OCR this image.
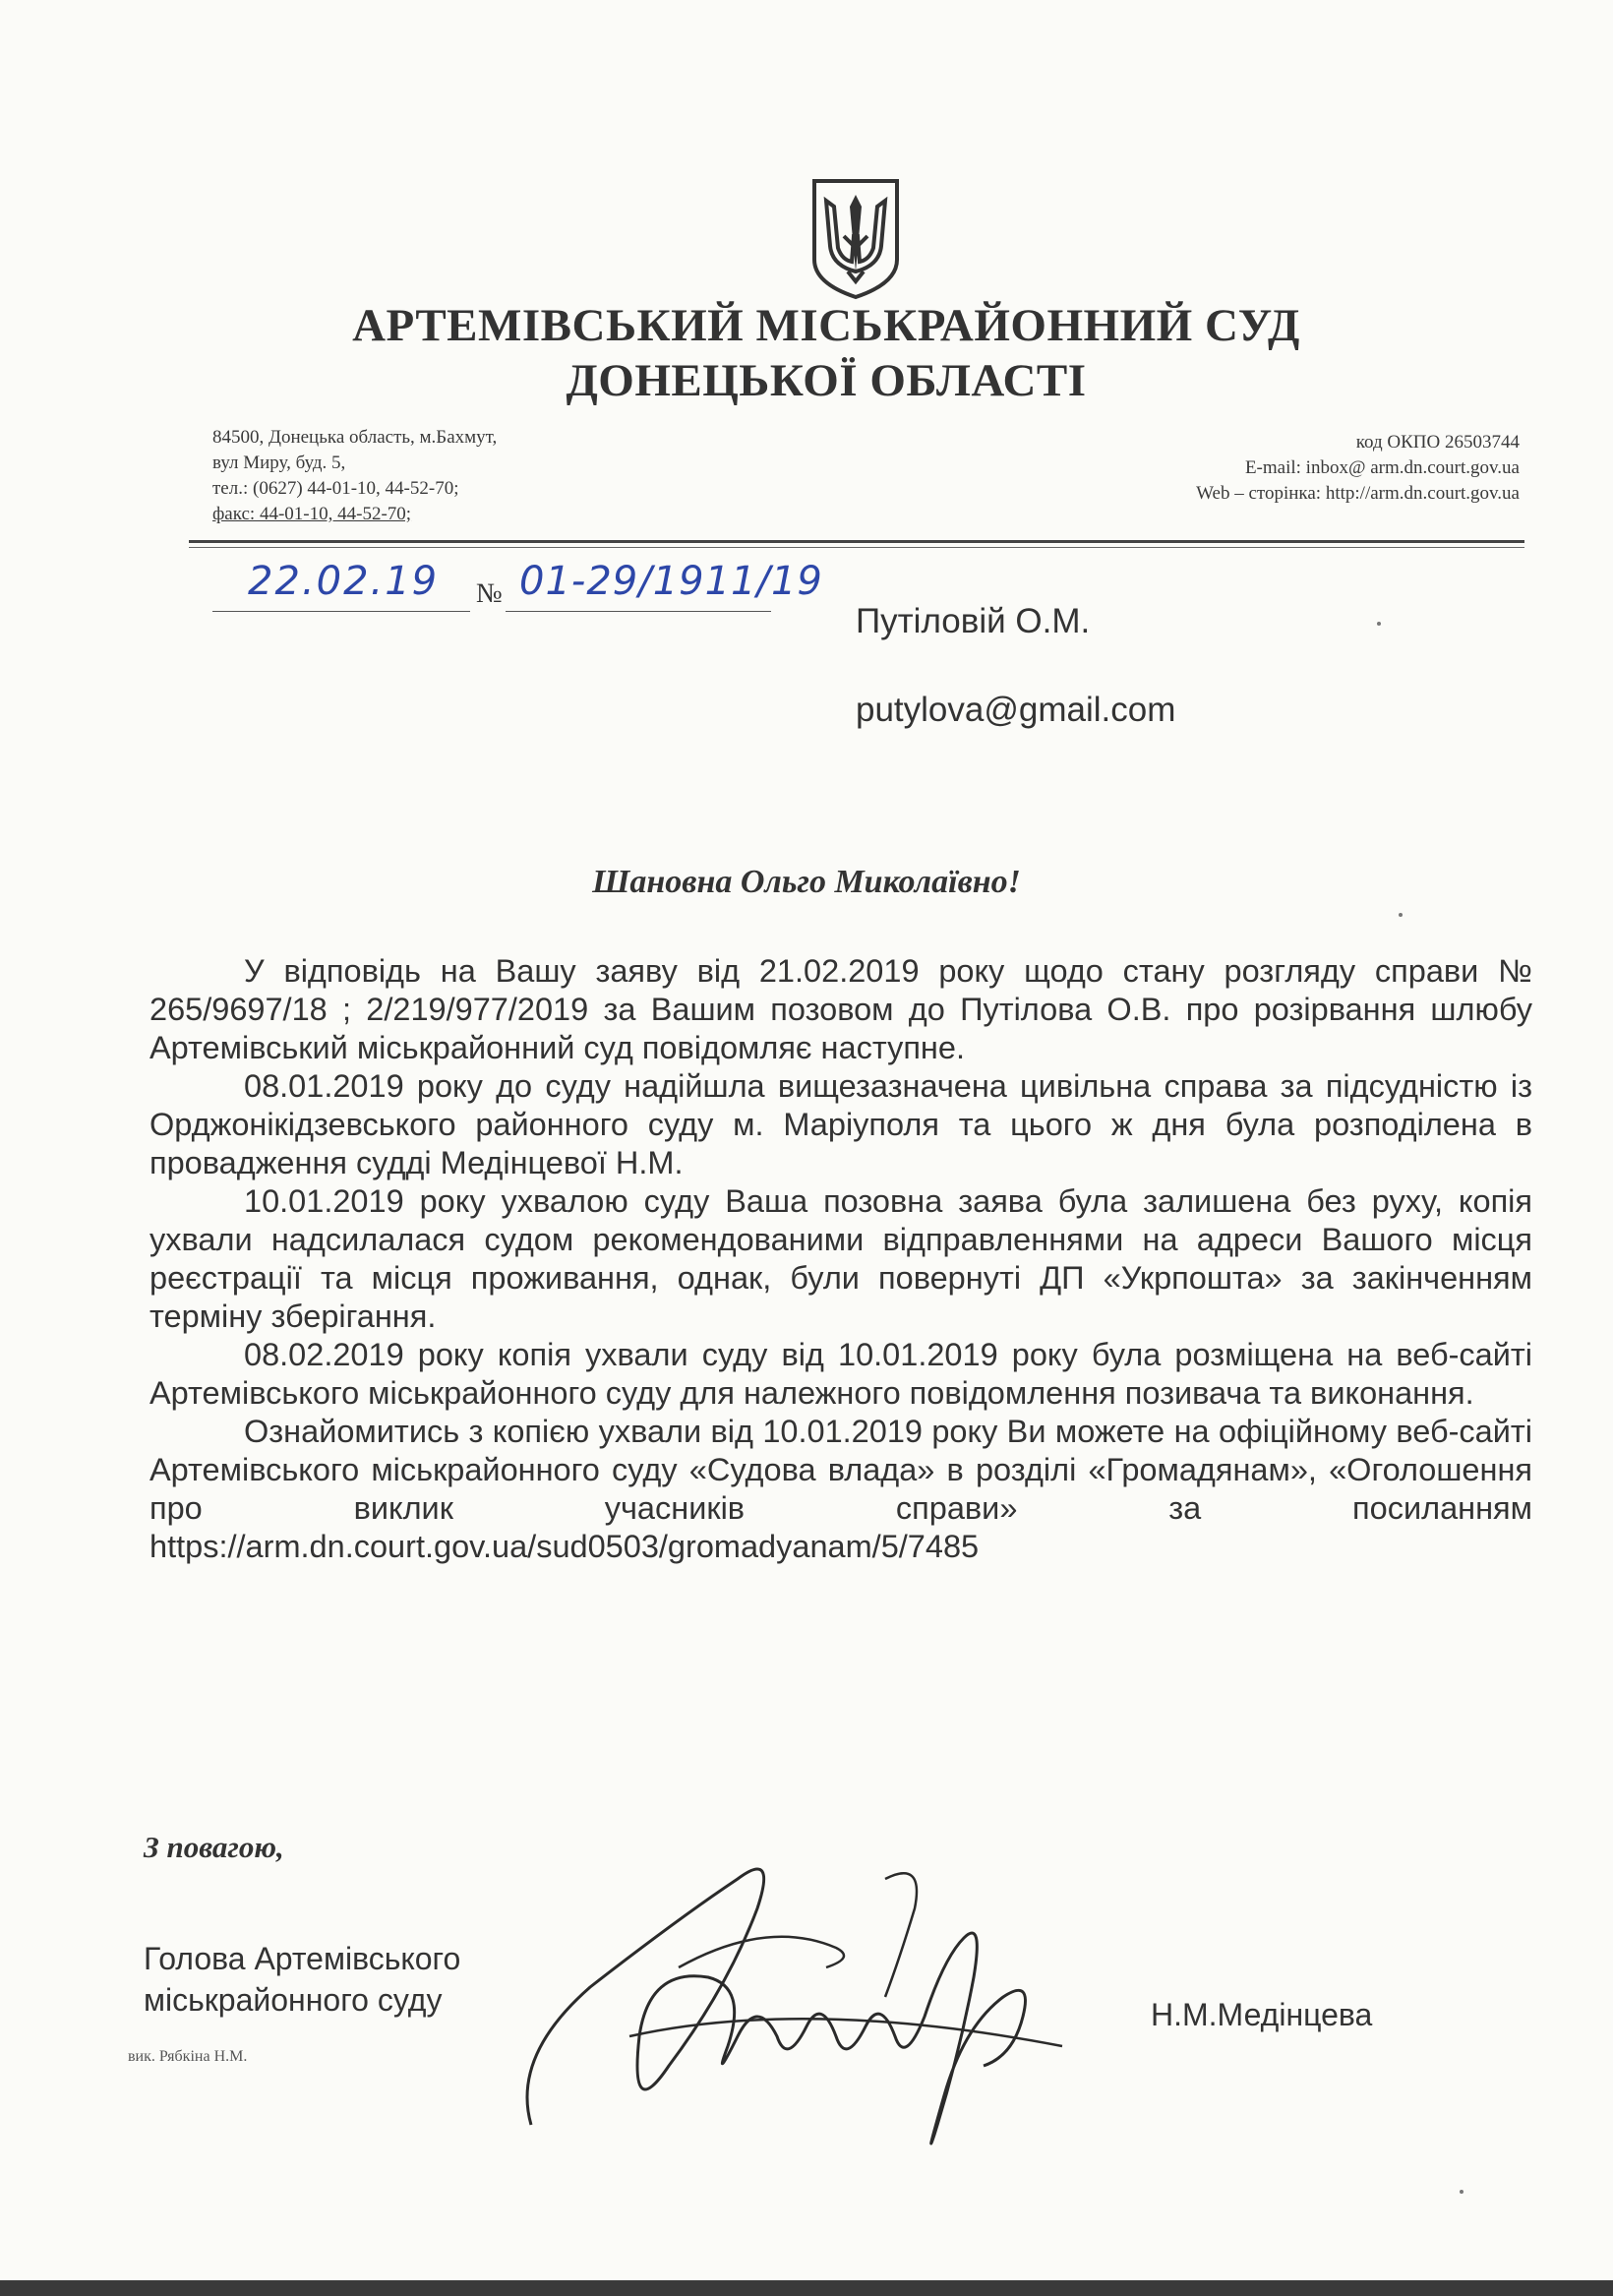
АРТЕМІВСЬКИЙ МІСЬКРАЙОННИЙ СУД
ДОНЕЦЬКОЇ ОБЛАСТІ
84500, Донецька область, м.Бахмут,
вул Миру, буд. 5,
тел.: (0627) 44-01-10, 44-52-70;
факс: 44-01-10, 44-52-70;
код ОКПО 26503744
E-mail: inbox@ arm.dn.court.gov.ua
Web – сторінка: http://arm.dn.court.gov.ua
№
22.02.19 01-29/1911/19
Путіловій О.М.
putylova@gmail.com
Шановна Ольго Миколаївно!

У відповідь на Вашу заяву від 21.02.2019 року щодо стану розгляду справи № 265/9697/18 ; 2/219/977/2019 за Вашим позовом до Путілова О.В. про розірвання шлюбу Артемівський міськрайонний суд повідомляє наступне.

08.01.2019 року до суду надійшла вищезазначена цивільна справа за підсудністю із Орджонікідзевського районного суду м. Маріуполя та цього ж дня була розподілена в провадження судді Медінцевої Н.М.

10.01.2019 року ухвалою суду Ваша позовна заява була залишена без руху, копія ухвали надсилалася судом рекомендованими відправленнями на адреси Вашого місця реєстрації та місця проживання, однак, були повернуті ДП «Укрпошта» за закінченням терміну зберігання.

08.02.2019 року копія ухвали суду від 10.01.2019 року була розміщена на веб-сайті Артемівського міськрайонного суду для належного повідомлення позивача та виконання.

Ознайомитись з копією ухвали від 10.01.2019 року Ви можете на офіційному веб-сайті Артемівського міськрайонного суду «Судова влада» в розділі «Громадянам», «Оголошення про виклик учасників справи» за посиланням https://arm.dn.court.gov.ua/sud0503/gromadyanam/5/7485

З повагою,
Голова Артемівського
міськрайонного суду	Н.М.Медінцева
вик. Рябкіна Н.М.
